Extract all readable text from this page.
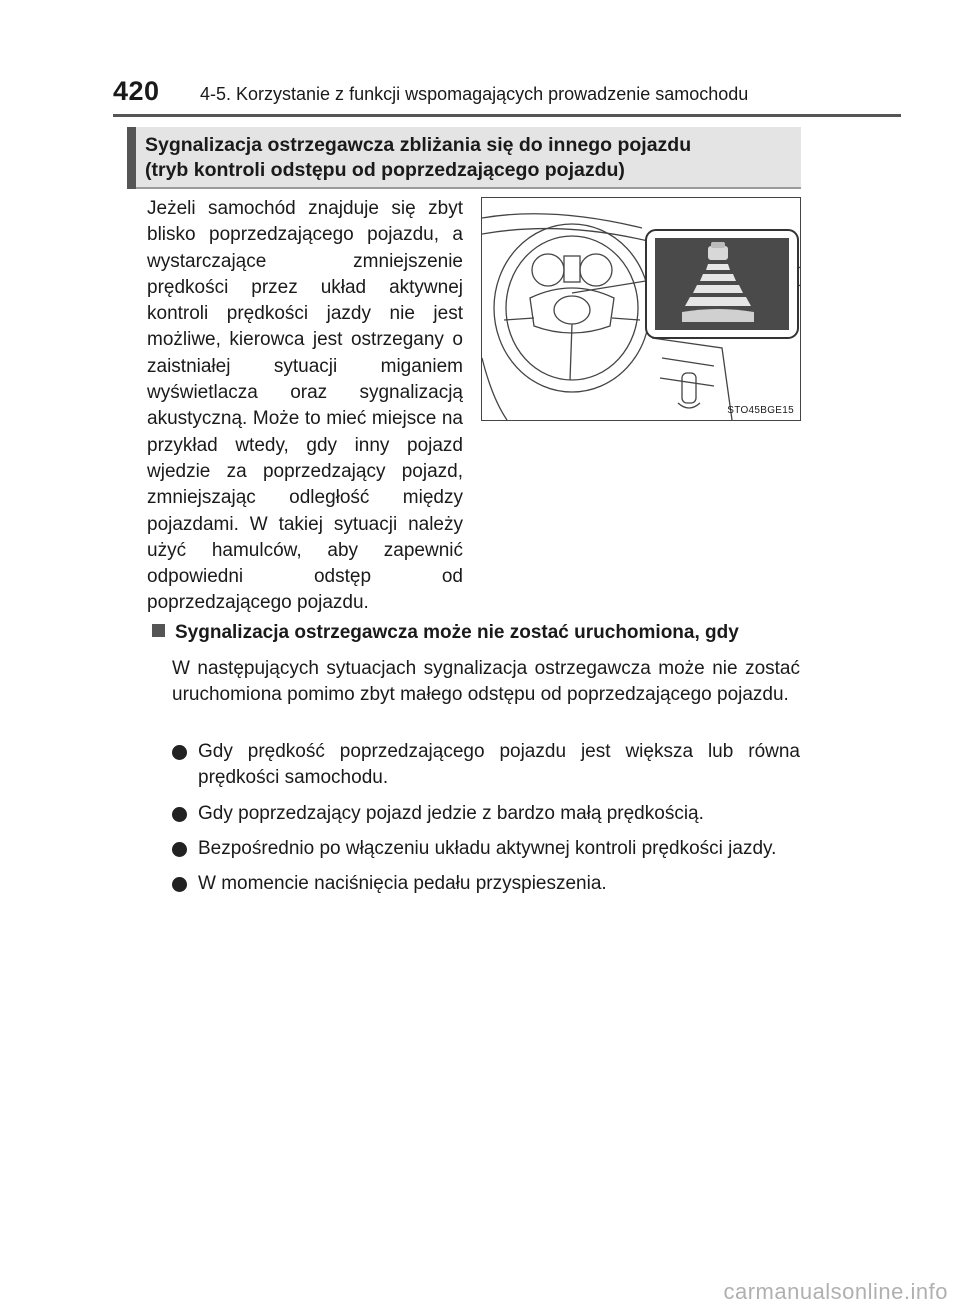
420 4-5. Korzystanie z funkcji wspomagających prowadzenie samochodu
Sygnalizacja ostrzegawcza zbliżania się do innego pojazdu
(tryb kontroli odstępu od poprzedzającego pojazdu)

Jeżeli samochód znajduje się zbyt blisko poprzedzającego pojazdu, a wystarczające zmniejszenie prędkości przez układ aktywnej kontroli prędkości jazdy nie jest możliwe, kierowca jest ostrzegany o zaistniałej sytuacji miganiem wyświetlacza oraz sygnalizacją akustyczną. Może to mieć miejsce na przykład wtedy, gdy inny pojazd wjedzie za poprzedzający pojazd, zmniejszając odległość między pojazdami. W takiej sytuacji należy użyć hamulców, aby zapewnić odpowiedni odstęp od poprzedzającego pojazdu.

STO45BGE15
Sygnalizacja ostrzegawcza może nie zostać uruchomiona, gdy
W następujących sytuacjach sygnalizacja ostrzegawcza może nie zostać uruchomiona pomimo zbyt małego odstępu od poprzedzającego pojazdu.
Gdy prędkość poprzedzającego pojazdu jest większa lub równa prędkości samochodu.
Gdy poprzedzający pojazd jedzie z bardzo małą prędkością.
Bezpośrednio po włączeniu układu aktywnej kontroli prędkości jazdy.
W momencie naciśnięcia pedału przyspieszenia.
carmanualsonline.info
